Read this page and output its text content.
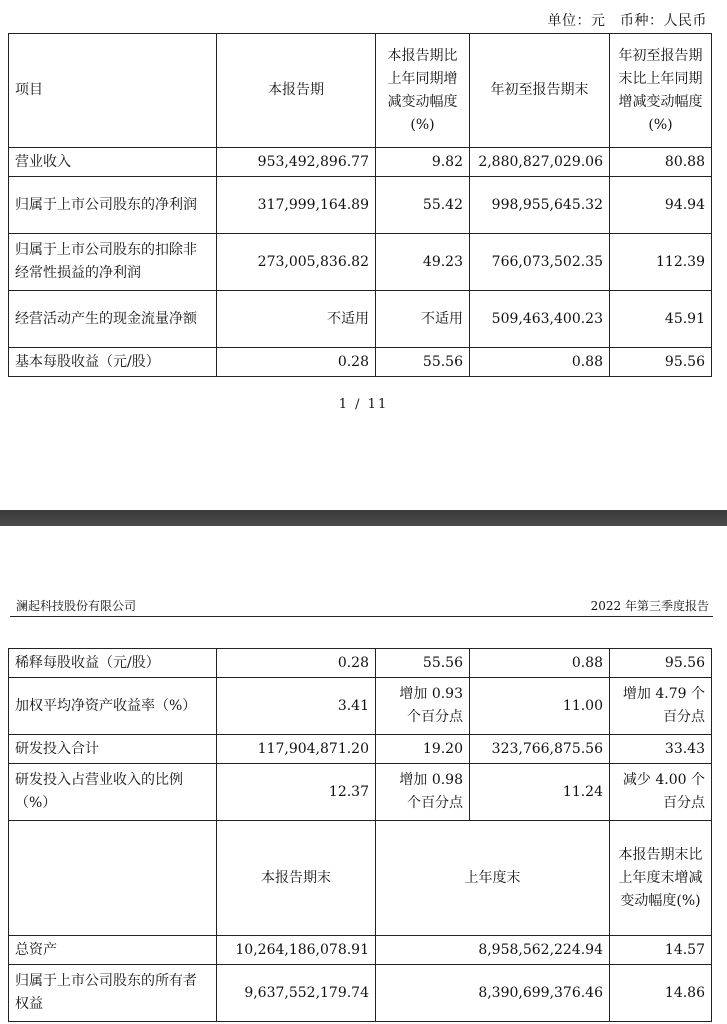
单位：元　币种：人民币
项目	本报告期	本报告期比上年同期增减变动幅度(%)	年初至报告期末	年初至报告期末比上年同期增减变动幅度(%)
营业收入	953,492,896.77	9.82	2,880,827,029.06	80.88
归属于上市公司股东的净利润	317,999,164.89	55.42	998,955,645.32	94.94
归属于上市公司股东的扣除非经常性损益的净利润	273,005,836.82	49.23	766,073,502.35	112.39
经营活动产生的现金流量净额	不适用	不适用	509,463,400.23	45.91
基本每股收益（元/股）	0.28	55.56	0.88	95.56
1 / 11
澜起科技股份有限公司	2022 年第三季度报告
稀释每股收益（元/股）	0.28	55.56	0.88	95.56
加权平均净资产收益率（%）	3.41	增加 0.93 个百分点	11.00	增加 4.79 个百分点
研发投入合计	117,904,871.20	19.20	323,766,875.56	33.43
研发投入占营业收入的比例（%）	12.37	增加 0.98 个百分点	11.24	减少 4.00 个百分点
	本报告期末	上年度末		本报告期末比上年度末增减变动幅度(%)
总资产	10,264,186,078.91	8,958,562,224.94		14.57
归属于上市公司股东的所有者权益	9,637,552,179.74	8,390,699,376.46		14.86
